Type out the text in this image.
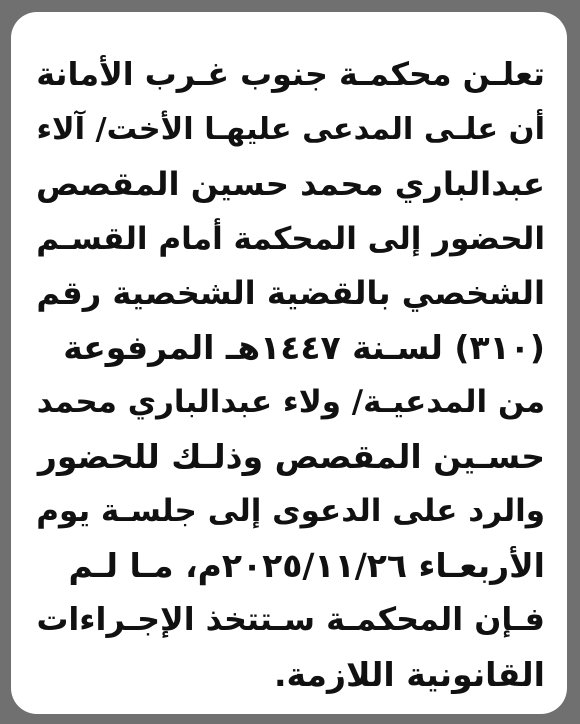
تعلـن محكمـة جنوب غـرب الأمانة
أن علـى المدعى عليهـا الأخت/ آلاء
عبدالباري محمد حسين المقصص
الحضور إلى المحكمة أمام القسـم
الشخصي بالقضية الشخصية رقم
(٣١٠) لسـنة ١٤٤٧هـ المرفوعة
من المدعيـة/ ولاء عبدالباري محمد
حسـين المقصص وذلـك للحضور
والرد على الدعوى إلى جلسـة يوم
الأربعـاء ٢٠٢٥/١١/٢٦م، مـا لـم
فـإن المحكمـة سـتتخذ الإجـراءات
القانونية اللازمة.
